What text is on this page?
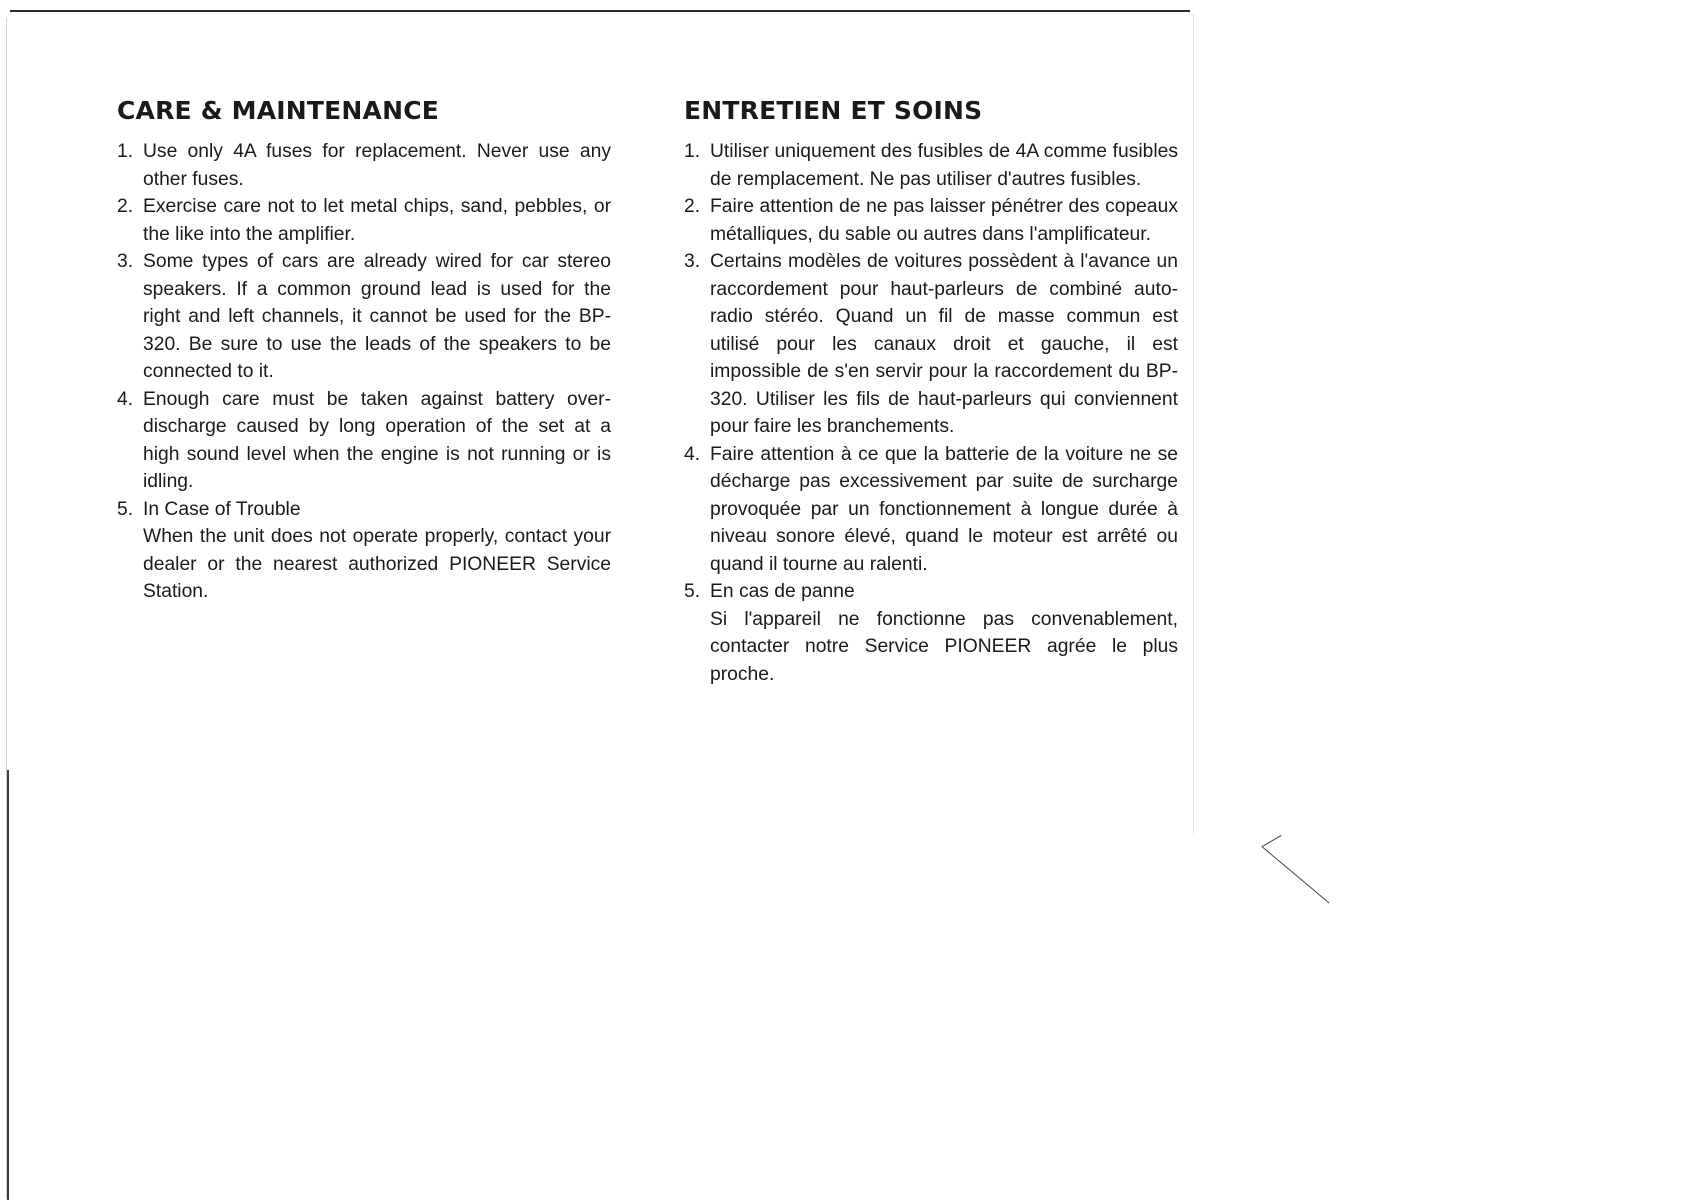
CARE & MAINTENANCE
1. Use only 4A fuses for replacement. Never use any other fuses.
2. Exercise care not to let metal chips, sand, pebbles, or the like into the amplifier.
3. Some types of cars are already wired for car stereo speakers. If a common ground lead is used for the right and left channels, it cannot be used for the BP-320. Be sure to use the leads of the speakers to be connected to it.
4. Enough care must be taken against battery over-discharge caused by long operation of the set at a high sound level when the engine is not running or is idling.
5. In Case of Trouble
When the unit does not operate properly, contact your dealer or the nearest authorized PIONEER Service Station.
ENTRETIEN ET SOINS
1. Utiliser uniquement des fusibles de 4A comme fusibles de remplacement. Ne pas utiliser d'autres fusibles.
2. Faire attention de ne pas laisser pénétrer des copeaux métalliques, du sable ou autres dans l'amplificateur.
3. Certains modèles de voitures possèdent à l'avance un raccordement pour haut-parleurs de combiné auto-radio stéréo. Quand un fil de masse commun est utilisé pour les canaux droit et gauche, il est impossible de s'en servir pour la raccordement du BP-320. Utiliser les fils de haut-parleurs qui conviennent pour faire les branchements.
4. Faire attention à ce que la batterie de la voiture ne se décharge pas excessivement par suite de surcharge provoquée par un fonctionnement à longue durée à niveau sonore élevé, quand le moteur est arrêté ou quand il tourne au ralenti.
5. En cas de panne
Si l'appareil ne fonctionne pas convenablement, contacter notre Service PIONEER agrée le plus proche.
